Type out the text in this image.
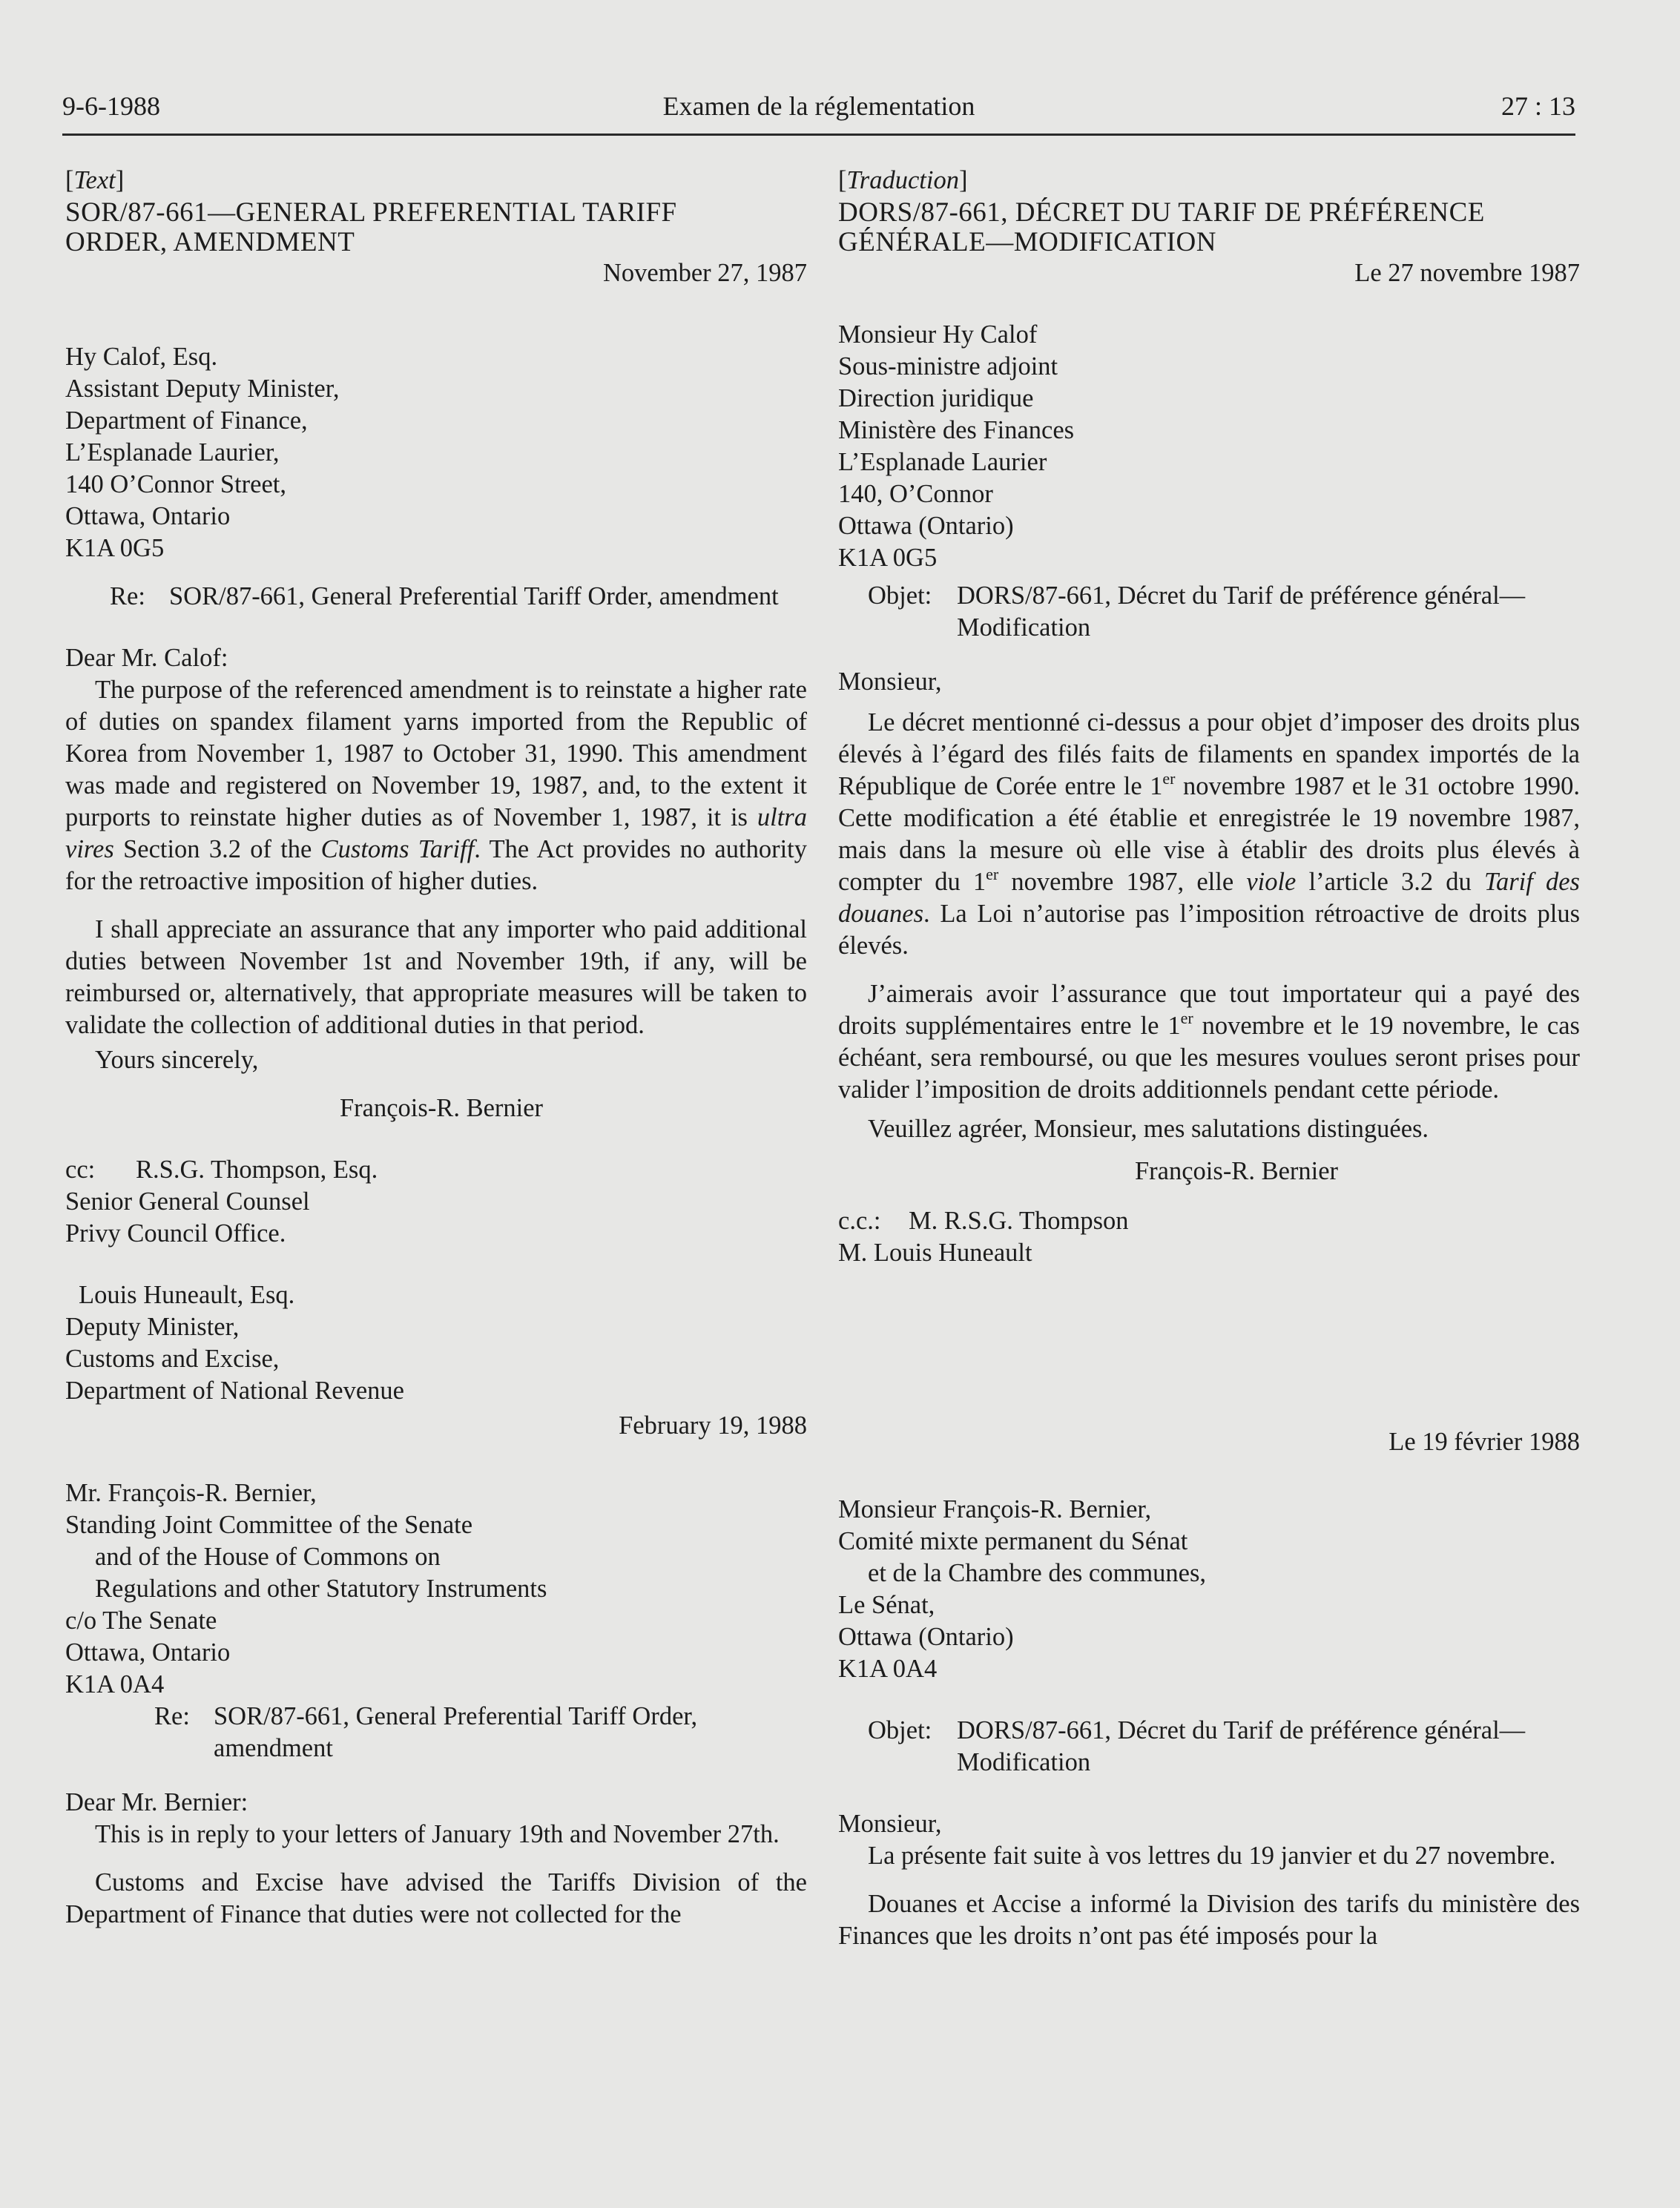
9-6-1988	Examen de la réglementation	27 : 13

[Text]

SOR/87-661—GENERAL PREFERENTIAL TARIFF

ORDER, AMENDMENT

November 27, 1987

Hy Calof, Esq.

Assistant Deputy Minister,

Department of Finance,

L’Esplanade Laurier,

140 O’Connor Street,

Ottawa, Ontario

K1A 0G5

Re: SOR/87-661, General Preferential Tariff Order, amendment

Dear Mr. Calof:

The purpose of the referenced amendment is to reinstate a higher rate of duties on spandex filament yarns imported from the Republic of Korea from November 1, 1987 to October 31, 1990. This amendment was made and registered on November 19, 1987, and, to the extent it purports to reinstate higher duties as of November 1, 1987, it is ultra vires Section 3.2 of the Customs Tariff. The Act provides no authority for the retroactive imposition of higher duties.

I shall appreciate an assurance that any importer who paid additional duties between November 1st and November 19th, if any, will be reimbursed or, alternatively, that appropriate measures will be taken to validate the collection of additional duties in that period.

Yours sincerely,

François-R. Bernier

cc:	R.S.G. Thompson, Esq.

Senior General Counsel

Privy Council Office.

Louis Huneault, Esq.

Deputy Minister,

Customs and Excise,

Department of National Revenue

February 19, 1988

Mr. François-R. Bernier,

Standing Joint Committee of the Senate

and of the House of Commons on

Regulations and other Statutory Instruments

c/o The Senate

Ottawa, Ontario

K1A 0A4

Re: SOR/87-661, General Preferential Tariff Order, amendment

Dear Mr. Bernier:

This is in reply to your letters of January 19th and November 27th.

Customs and Excise have advised the Tariffs Division of the Department of Finance that duties were not collected for the

[Traduction]

DORS/87-661, DÉCRET DU TARIF DE PRÉFÉRENCE

GÉNÉRALE—MODIFICATION

Le 27 novembre 1987

Monsieur Hy Calof

Sous-ministre adjoint

Direction juridique

Ministère des Finances

L’Esplanade Laurier

140, O’Connor

Ottawa (Ontario)

K1A 0G5

Objet: DORS/87-661, Décret du Tarif de préférence général—Modification

Monsieur,

Le décret mentionné ci-dessus a pour objet d’imposer des droits plus élevés à l’égard des filés faits de filaments en spandex importés de la République de Corée entre le 1er novembre 1987 et le 31 octobre 1990. Cette modification a été établie et enregistrée le 19 novembre 1987, mais dans la mesure où elle vise à établir des droits plus élevés à compter du 1er novembre 1987, elle viole l’article 3.2 du Tarif des douanes. La Loi n’autorise pas l’imposition rétroactive de droits plus élevés.

J’aimerais avoir l’assurance que tout importateur qui a payé des droits supplémentaires entre le 1er novembre et le 19 novembre, le cas échéant, sera remboursé, ou que les mesures voulues seront prises pour valider l’imposition de droits additionnels pendant cette période.

Veuillez agréer, Monsieur, mes salutations distinguées.

François-R. Bernier

c.c.:	M. R.S.G. Thompson

M. Louis Huneault

Le 19 février 1988

Monsieur François-R. Bernier,

Comité mixte permanent du Sénat

et de la Chambre des communes,

Le Sénat,

Ottawa (Ontario)

K1A 0A4

Objet: DORS/87-661, Décret du Tarif de préférence général—Modification

Monsieur,

La présente fait suite à vos lettres du 19 janvier et du 27 novembre.

Douanes et Accise a informé la Division des tarifs du ministère des Finances que les droits n’ont pas été imposés pour la
